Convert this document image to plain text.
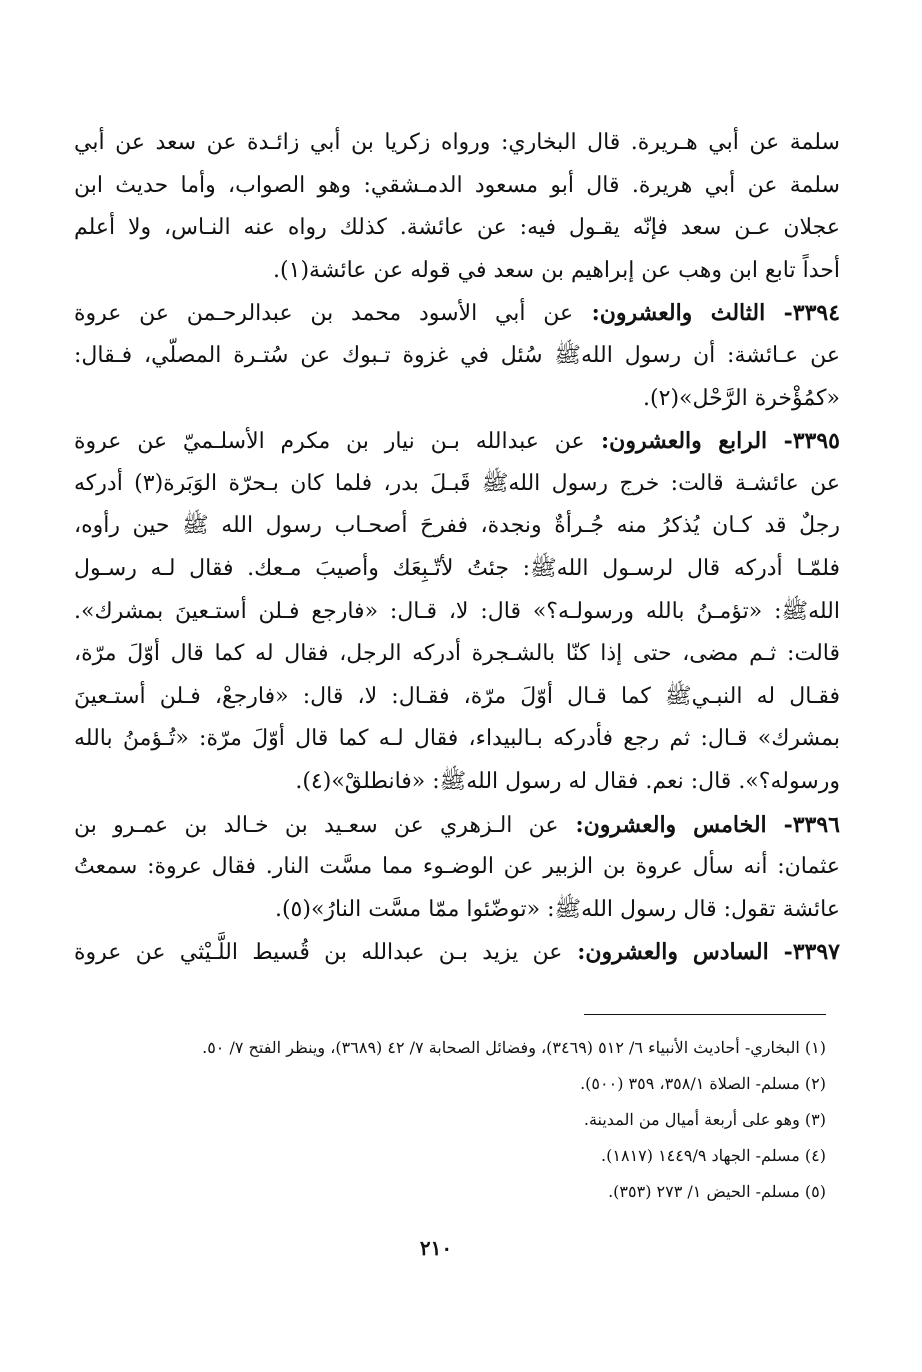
سلمة عن أبي هـريرة. قال البخاري: ورواه زكريا بن أبي زائـدة عن سعد عن أبي
سلمة عن أبي هريرة. قال أبو مسعود الدمـشقي: وهو الصواب، وأما حديث ابن
عجلان عـن سعد فإنّه يقـول فيه: عن عائشة. كذلك رواه عنه النـاس، ولا أعلم
أحداً تابع ابن وهب عن إبراهيم بن سعد في قوله عن عائشة(١).
٣٣٩٤- الثالث والعشرون: عن أبي الأسود محمد بن عبدالرحـمن عن عروة
عن عـائشة: أن رسول اللهﷺ سُئل في غزوة تـبوك عن سُتـرة المصلّي، فـقال:
«كمُؤْخرة الرَّحْل»(٢).
٣٣٩٥- الرابع والعشرون: عن عبدالله بـن نيار بن مكرم الأسلـميّ عن عروة
عن عائشـة قالت: خرج رسول اللهﷺ قَبـلَ بدر، فلما كان بـحرّة الوَبَرة(٣) أدركه
رجلٌ قد كـان يُذكرُ منه جُـرأةٌ ونجدة، ففرحَ أصحـاب رسول الله ﷺ حين رأوه،
فلمّـا أدركه قال لرسـول اللهﷺ: جئتُ لأتّـبِعَك وأصيبَ مـعك. فقال لـه رسـول
اللهﷺ: «تؤمـنُ بالله ورسولـه؟» قال: لا، قـال: «فارجع فـلن أستـعينَ بمشرك».
قالت: ثـم مضى، حتى إذا كنّا بالشـجرة أدركه الرجل، فقال له كما قال أوّلَ مرّة،
فقـال له النبـيﷺ كما قـال أوّلَ مرّة، فقـال: لا، قال: «فارجعْ، فـلن أستـعينَ
بمشرك» قـال: ثم رجع فأدركه بـالبيداء، فقال لـه كما قال أوّلَ مرّة: «تُـؤمنُ بالله
ورسوله؟». قال: نعم. فقال له رسول اللهﷺ: «فانطلقْ»(٤).
٣٣٩٦- الخامس والعشرون: عن الـزهري عن سعـيد بن خـالد بن عمـرو بن
عثمان: أنه سأل عروة بن الزبير عن الوضـوء مما مسَّت النار. فقال عروة: سمعتُ
عائشة تقول: قال رسول اللهﷺ: «توضّئوا ممّا مسَّت النارُ»(٥).
٣٣٩٧- السادس والعشرون: عن يزيد بـن عبدالله بن قُسيط اللَّـيْثي عن عروة
(١) البخاري- أحاديث الأنبياء ٦/ ٥١٢ (٣٤٦٩)، وفضائل الصحابة ٧/ ٤٢ (٣٦٨٩)، وينظر الفتح ٧/ ٥٠.
(٢) مسلم- الصلاة ٣٥٨/١، ٣٥٩ (٥٠٠).
(٣) وهو على أربعة أميال من المدينة.
(٤) مسلم- الجهاد ١٤٤٩/٩ (١٨١٧).
(٥) مسلم- الحيض ١/ ٢٧٣ (٣٥٣).
٢١٠
